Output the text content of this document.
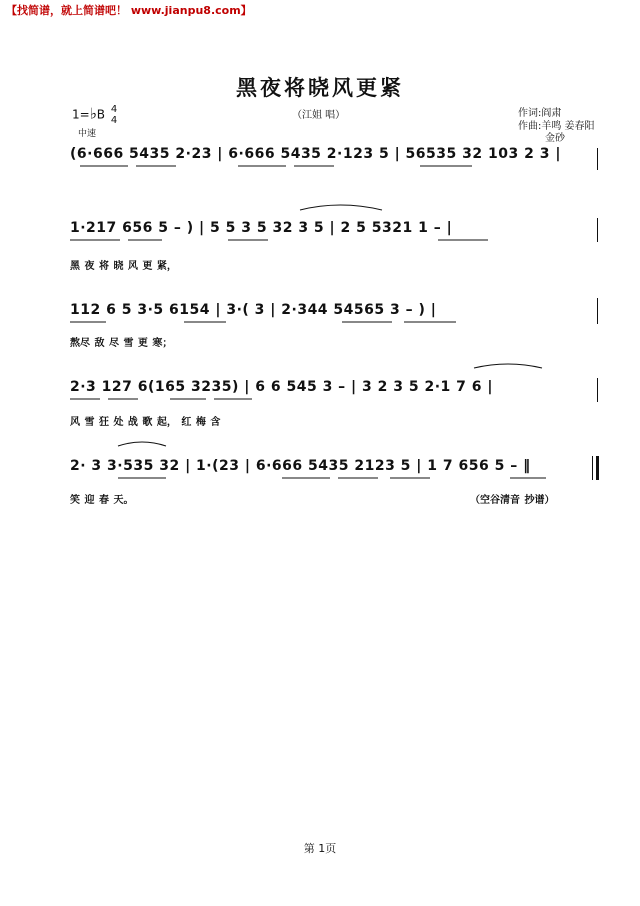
【找简谱，就上简谱吧！ www.jianpu8.com】
黑夜将晓风更紧
（江姐 唱）	作词:阎肃
作曲:羊鸣 姜春阳
金砂
1=♭B 4
4
中速
(6·666 5435 2·23 | 6·666 5435 2·123 5 | 56535 32 103 2 3 |
1·217 656 5 – ) | 5 5 3 5 32 3 5 | 2 5 5321 1 – |
黑 夜 将 晓 风 更 紧，
112 6 5 3·5 6154 | 3·( 3 | 2·344 54565 3 – ) |
熬尽 敌 尽 雪 更 寒；
2·3 127 6(165 3235) | 6 6 545 3 – | 3 2 3 5 2·1 7 6 |
风 雪 狂 处 战 歌 起， 红 梅 含
2· 3 3·535 32 | 1·(23 | 6·666 5435 2123 5 | 1 7 656 5 – ‖
笑 迎 春 天。	（空谷清音 抄谱）
第 1页
